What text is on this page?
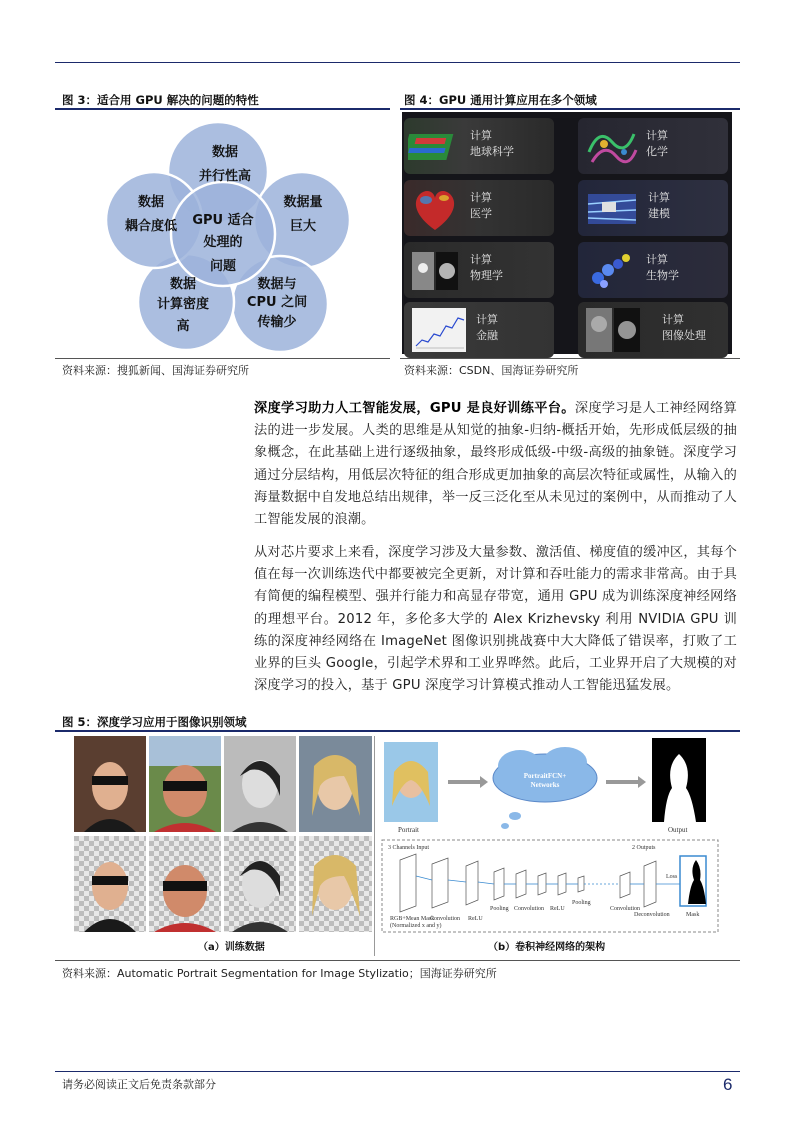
图 3：适合用 GPU 解决的问题的特性
GPU 适合
处理的
问题
数据
并行性高
数据量
巨大
数据与
CPU 之间
传输少
数据
计算密度
高
数据
耦合度低
资料来源：搜狐新闻、国海证券研究所
图 4：GPU 通用计算应用在多个领域
计算
地球科学
计算
化学
计算
医学
计算
建模
计算
物理学
计算
生物学
计算
金融
计算
图像处理
资料来源：CSDN、国海证券研究所
深度学习助力人工智能发展，GPU 是良好训练平台。深度学习是人工神经网络算法的进一步发展。人类的思维是从知觉的抽象-归纳-概括开始，先形成低层级的抽象概念，在此基础上进行逐级抽象，最终形成低级-中级-高级的抽象链。深度学习通过分层结构，用低层次特征的组合形成更加抽象的高层次特征或属性，从输入的海量数据中自发地总结出规律，举一反三泛化至从未见过的案例中，从而推动了人工智能发展的浪潮。
从对芯片要求上来看，深度学习涉及大量参数、激活值、梯度值的缓冲区，其每个值在每一次训练迭代中都要被完全更新，对计算和吞吐能力的需求非常高。由于具有简便的编程模型、强并行能力和高显存带宽，通用 GPU 成为训练深度神经网络的理想平台。2012 年，多伦多大学的 Alex Krizhevsky 利用 NVIDIA GPU 训练的深度神经网络在 ImageNet 图像识别挑战赛中大大降低了错误率，打败了工业界的巨头 Google，引起学术界和工业界哗然。此后，工业界开启了大规模的对深度学习的投入，基于 GPU 深度学习计算模式推动人工智能迅猛发展。
图 5：深度学习应用于图像识别领域
（a）训练数据
Portrait
PortraitFCN+
Networks
Output
3 Channels Input	2 Outputs
RGB+Mean Mask
(Normalized x and y)
Convolution ReLU
Pooling Convolution ReLU
Pooling
Convolution
Deconvolution
Loss
Mask
（b）卷积神经网络的架构
资料来源：Automatic Portrait Segmentation for Image Stylizatio；国海证券研究所
请务必阅读正文后免责条款部分	6
